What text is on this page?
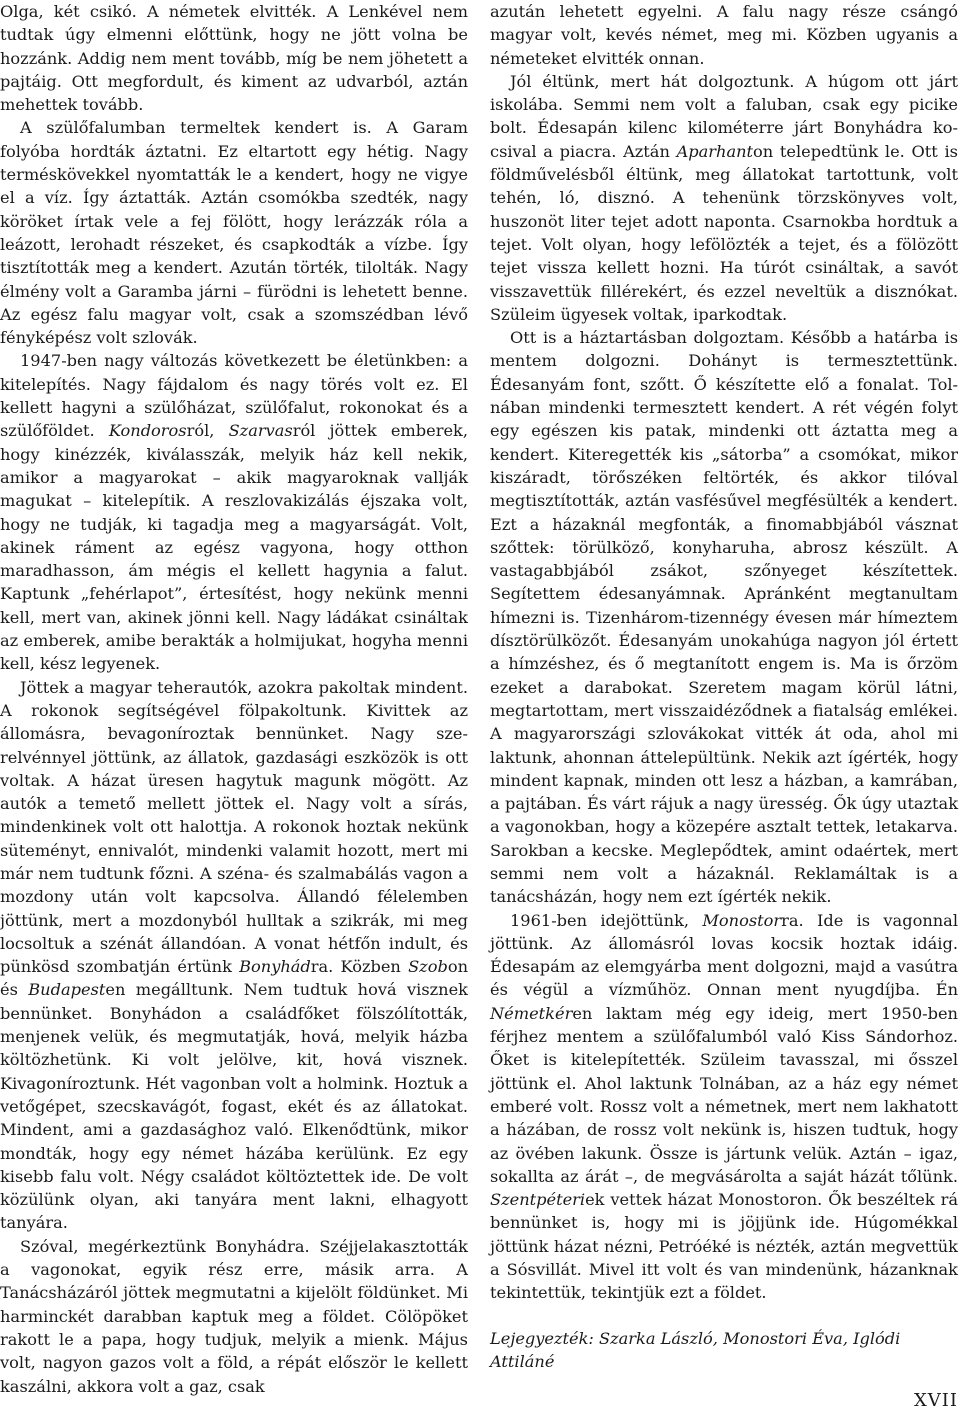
Olga, két csikó. A németek elvitték. A Lenkével nem tudtak úgy elmenni előttünk, hogy ne jött volna be hozzánk. Addig nem ment tovább, míg be nem jöhetett a pajtáig. Ott megfordult, és kiment az udvarból, aztán mehettek tovább.

A szülőfalumban termeltek kendert is. A Garam folyóba hordták áztatni. Ez eltartott egy hétig. Nagy terméskövekkel nyomtatták le a kendert, hogy ne vigye el a víz. Így áztatták. Aztán csomókba szedték, nagy köröket írtak vele a fej fölött, hogy lerázzák róla a leázott, lerohadt részeket, és csapkodták a vízbe. Így tisztították meg a kendert. Azután törték, tilolták. Nagy élmény volt a Garamba járni – fürödni is lehetett benne. Az egész falu magyar volt, csak a szomszédban lévő fényképész volt szlovák.

1947-ben nagy változás következett be életünkben: a kitelepítés. Nagy fájdalom és nagy törés volt ez. El kellett hagyni a szülőházat, szülőfalut, rokonokat és a szülőföldet. Kondorosról, Szarvasról jöttek emberek, hogy kinézzék, kiválasszák, melyik ház kell nekik, amikor a magyarokat – akik magyaroknak vallják magukat – kitelepítik. A reszlovakizálás éjszaka volt, hogy ne tudják, ki tagadja meg a magyarságát. Volt, akinek ráment az egész vagyona, hogy otthon maradhasson, ám mégis el kellett hagynia a falut. Kaptunk „fehérlapot”, értesítést, hogy nekünk menni kell, mert van, akinek jönni kell. Nagy ládákat csináltak az emberek, amibe berakták a holmijukat, hogyha menni kell, kész legyenek.

Jöttek a magyar teherautók, azokra pakoltak mindent. A rokonok segítségével fölpakoltunk. Kivittek az állomásra, bevagoníroztak bennünket. Nagy szerelvénnyel jöttünk, az állatok, gazdasági eszközök is ott voltak. A házat üresen hagytuk magunk mögött. Az autók a temető mellett jöttek el. Nagy volt a sírás, mindenkinek volt ott halottja. A rokonok hoztak nekünk süteményt, ennivalót, mindenki valamit hozott, mert mi már nem tudtunk főzni. A széna- és szalmabálás vagon a mozdony után volt kapcsolva. Állandó félelemben jöttünk, mert a mozdonyból hulltak a szikrák, mi meg locsoltuk a szénát állandóan. A vonat hétfőn indult, és pünkösd szombatján értünk Bonyhádra. Közben Szobon és Budapesten megálltunk. Nem tudtuk hová visznek bennünket. Bonyhádon a családfőket fölszólították, menjenek velük, és megmutatják, hová, melyik házba költözhetünk. Ki volt jelölve, kit, hová visznek. Kivagoníroztunk. Hét vagonban volt a holmink. Hoztuk a vetőgépet, szecskavágót, fogast, ekét és az állatokat. Mindent, ami a gazdasághoz való. Elkenődtünk, mikor mondták, hogy egy német házába kerülünk. Ez egy kisebb falu volt. Négy családot költöztettek ide. De volt közülünk olyan, aki tanyára ment lakni, elhagyott tanyára.

Szóval, megérkeztünk Bonyhádra. Széjjelakasztották a vagonokat, egyik rész erre, másik arra. A Tanácsházáról jöttek megmutatni a kijelölt földünket. Mi harminckét darabban kaptuk meg a földet. Cölöpöket rakott le a papa, hogy tudjuk, melyik a mienk. Május volt, nagyon gazos volt a föld, a répát először le kellett kaszálni, akkora volt a gaz, csak

azután lehetett egyelni. A falu nagy része csángó magyar volt, kevés német, meg mi. Közben ugyanis a németeket elvitték onnan.

Jól éltünk, mert hát dolgoztunk. A húgom ott járt iskolába. Semmi nem volt a faluban, csak egy picike bolt. Édesapán kilenc kilométerre járt Bonyhádra kocsival a piacra. Aztán Aparhanton telepedtünk le. Ott is földművelésből éltünk, meg állatokat tartottunk, volt tehén, ló, disznó. A tehenünk törzskönyves volt, huszonöt liter tejet adott naponta. Csarnokba hordtuk a tejet. Volt olyan, hogy lefölözték a tejet, és a fölözött tejet vissza kellett hozni. Ha túrót csináltak, a savót visszavettük fillérekért, és ezzel neveltük a disznókat. Szüleim ügyesek voltak, iparkodtak.

Ott is a háztartásban dolgoztam. Később a határba is mentem dolgozni. Dohányt is termesztettünk. Édesanyám font, szőtt. Ő készítette elő a fonalat. Tolnában mindenki termesztett kendert. A rét végén folyt egy egészen kis patak, mindenki ott áztatta meg a kendert. Kiteregették kis „sátorba” a csomókat, mikor kiszáradt, törőszéken feltörték, és akkor tilóval megtisztították, aztán vasfésűvel megfésülték a kendert. Ezt a házaknál megfonták, a finomabbjából vásznat szőttek: törülköző, konyharuha, abrosz készült. A vastagabbjából zsákot, szőnyeget készítettek. Segítettem édesanyámnak. Apránként megtanultam hímezni is. Tizenhárom-tizennégy évesen már hímeztem dísztörülközőt. Édesanyám unokahúga nagyon jól értett a hímzéshez, és ő megtanított engem is. Ma is őrzöm ezeket a darabokat. Szeretem magam körül látni, megtartottam, mert visszaidéződnek a fiatalság emlékei. A magyarországi szlovákokat vitték át oda, ahol mi laktunk, ahonnan áttelepültünk. Nekik azt ígérték, hogy mindent kapnak, minden ott lesz a házban, a kamrában, a pajtában. És várt rájuk a nagy üresség. Ők úgy utaztak a vagonokban, hogy a közepére asztalt tettek, letakarva. Sarokban a kecske. Meglepődtek, amint odaértek, mert semmi nem volt a házaknál. Reklamáltak is a tanácsházán, hogy nem ezt ígérték nekik.

1961-ben idejöttünk, Monostorra. Ide is vagonnal jöttünk. Az állomásról lovas kocsik hoztak idáig. Édesapám az elemgyárba ment dolgozni, majd a vasútra és végül a vízműhöz. Onnan ment nyugdíjba. Én Németkéren laktam még egy ideig, mert 1950-ben férjhez mentem a szülőfalumból való Kiss Sándorhoz. Őket is kitelepítették. Szüleim tavasszal, mi ősszel jöttünk el. Ahol laktunk Tolnában, az a ház egy német emberé volt. Rossz volt a németnek, mert nem lakhatott a házában, de rossz volt nekünk is, hiszen tudtuk, hogy az övében lakunk. Össze is jártunk velük. Aztán – igaz, sokallta az árát –, de megvásárolta a saját házát tőlünk. Szentpéteriek vettek házat Monostoron. Ők beszéltek rá bennünket is, hogy mi is jöjjünk ide. Húgomékkal jöttünk házat nézni, Petróéké is nézték, aztán megvettük a Sósvillát. Mivel itt volt és van mindenünk, házanknak tekintettük, tekintjük ezt a földet.

Lejegyezték: Szarka László, Monostori Éva, Iglódi Attiláné

XVII
